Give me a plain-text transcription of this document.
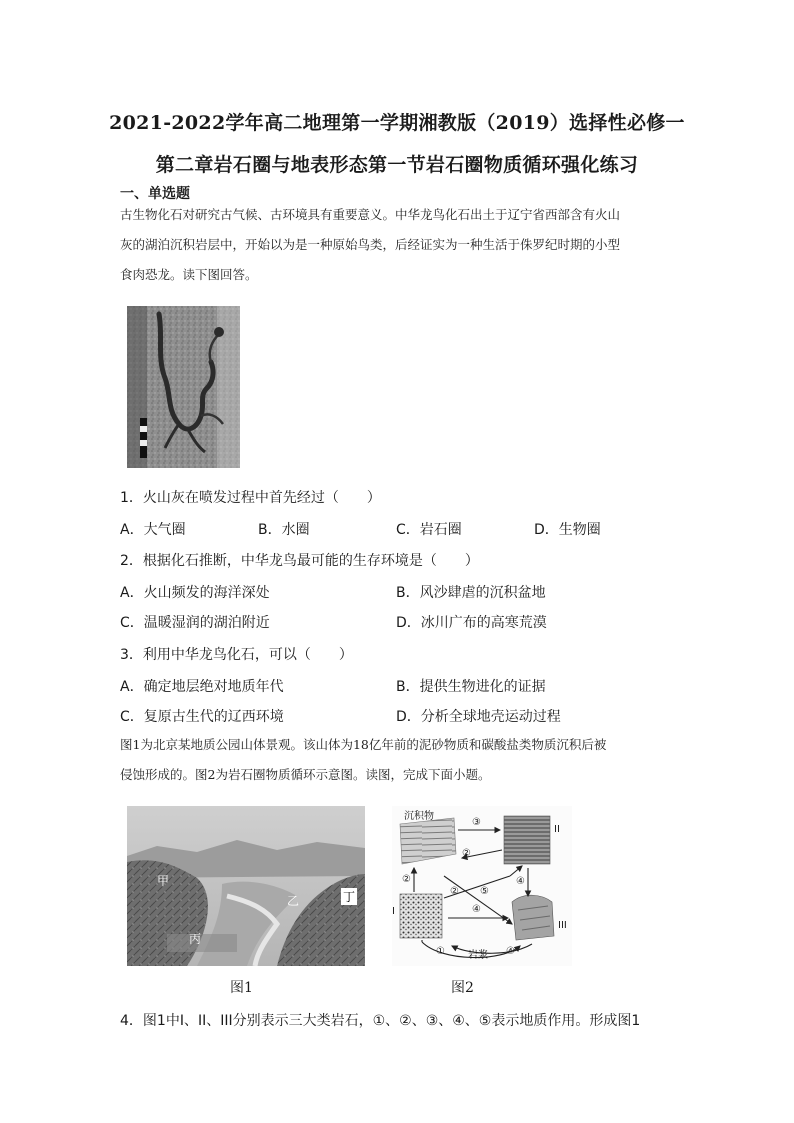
2021-2022学年高二地理第一学期湘教版（2019）选择性必修一
第二章岩石圈与地表形态第一节岩石圈物质循环强化练习
一、单选题
古生物化石对研究古气候、古环境具有重要意义。中华龙鸟化石出土于辽宁省西部含有火山
灰的湖泊沉积岩层中，开始以为是一种原始鸟类，后经证实为一种生活于侏罗纪时期的小型
食肉恐龙。读下图回答。
1．火山灰在喷发过程中首先经过（　　）
A．大气圈	B．水圈	C．岩石圈	D．生物圈
2．根据化石推断，中华龙鸟最可能的生存环境是（　　）
A．火山频发的海洋深处	B．风沙肆虐的沉积盆地
C．温暖湿润的湖泊附近	D．冰川广布的高寒荒漠
3．利用中华龙鸟化石，可以（　　）
A．确定地层绝对地质年代	B．提供生物进化的证据
C．复原古生代的辽西环境	D．分析全球地壳运动过程
图1为北京某地质公园山体景观。该山体为18亿年前的泥砂物质和碳酸盐类物质沉积后被
侵蚀形成的。图2为岩石圈物质循环示意图。读图，完成下面小题。
甲
乙
丙
丁
图1
沉积物
II
I
III
岩浆
③
②
②
② ⑤
④
④
①	④
图2
4．图1中I、II、III分别表示三大类岩石，①、②、③、④、⑤表示地质作用。形成图1
